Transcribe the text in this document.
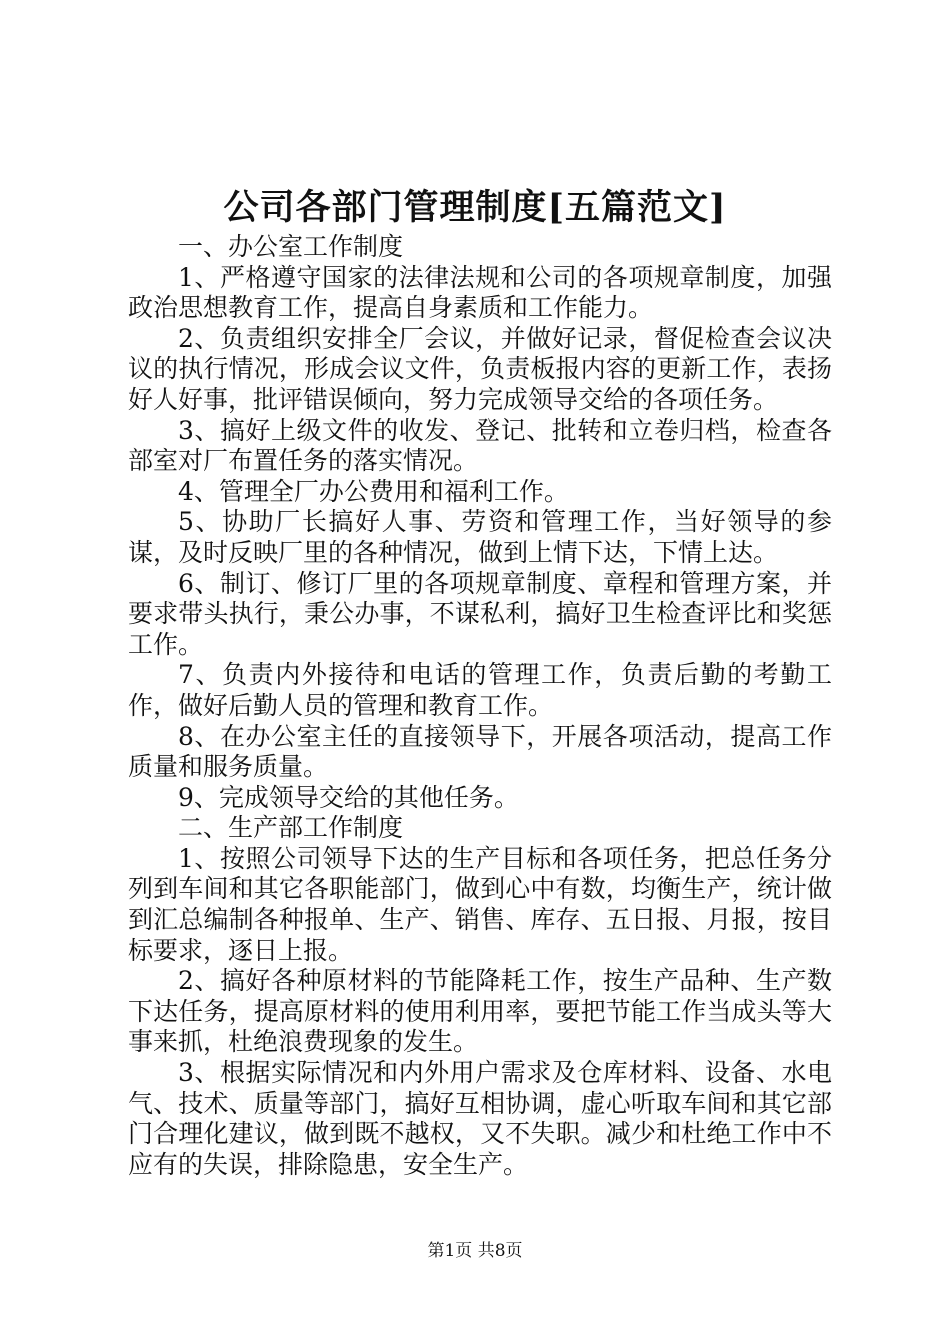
公司各部门管理制度[五篇范文]

一、办公室工作制度

1、严格遵守国家的法律法规和公司的各项规章制度，加强政治思想教育工作，提高自身素质和工作能力。

2、负责组织安排全厂会议，并做好记录，督促检查会议决议的执行情况，形成会议文件，负责板报内容的更新工作，表扬好人好事，批评错误倾向，努力完成领导交给的各项任务。

3、搞好上级文件的收发、登记、批转和立卷归档，检查各部室对厂布置任务的落实情况。

4、管理全厂办公费用和福利工作。

5、协助厂长搞好人事、劳资和管理工作，当好领导的参谋，及时反映厂里的各种情况，做到上情下达，下情上达。

6、制订、修订厂里的各项规章制度、章程和管理方案，并要求带头执行，秉公办事，不谋私利，搞好卫生检查评比和奖惩工作。

7、负责内外接待和电话的管理工作，负责后勤的考勤工作，做好后勤人员的管理和教育工作。

8、在办公室主任的直接领导下，开展各项活动，提高工作质量和服务质量。

9、完成领导交给的其他任务。

二、生产部工作制度

1、按照公司领导下达的生产目标和各项任务，把总任务分列到车间和其它各职能部门，做到心中有数，均衡生产，统计做到汇总编制各种报单、生产、销售、库存、五日报、月报，按目标要求，逐日上报。

2、搞好各种原材料的节能降耗工作，按生产品种、生产数下达任务，提高原材料的使用利用率，要把节能工作当成头等大事来抓，杜绝浪费现象的发生。

3、根据实际情况和内外用户需求及仓库材料、设备、水电气、技术、质量等部门，搞好互相协调，虚心听取车间和其它部门合理化建议，做到既不越权，又不失职。减少和杜绝工作中不应有的失误，排除隐患，安全生产。

第1页 共8页
